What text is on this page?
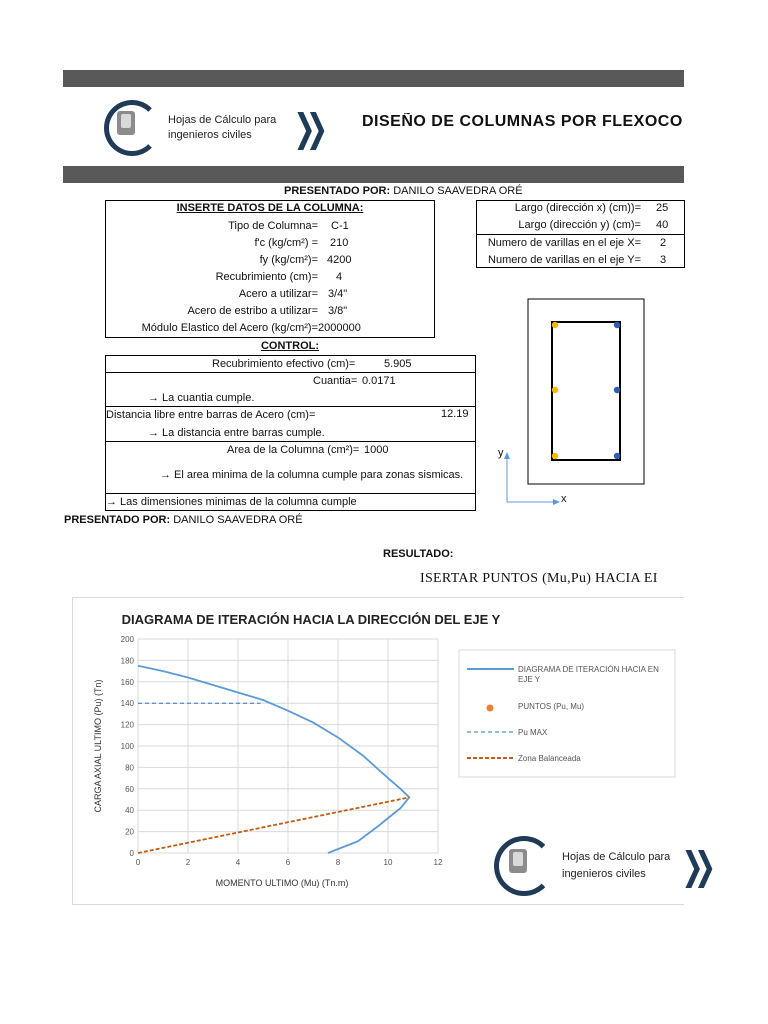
Hojas de Cálculo para
ingenieros civiles	❯❯	DISEÑO DE COLUMNAS POR FLEXOCO
PRESENTADO POR: DANILO SAAVEDRA ORÉ
INSERTE DATOS DE LA COLUMNA:
Tipo de Columna= C-1
f'c (kg/cm²) = 210
fy (kg/cm²)= 4200
Recubrimiento (cm)= 4
Acero a utilizar= 3/4"
Acero de estribo a utilizar= 3/8"
Módulo Elastico del Acero (kg/cm²)= 2000000
Largo (dirección x) (cm))= 25
Largo (dirección y) (cm)= 40
Numero de varillas en el eje X= 2
Numero de varillas en el eje Y= 3
y
x
CONTROL:
Recubrimiento efectivo (cm)=	5.905
Cuantia= 0.0171
→ La cuantia cumple.
Distancia libre entre barras de Acero (cm)=	12.19
→ La distancia entre barras cumple.
Area de la Columna (cm²)= 1000
→ El area minima de la columna cumple para zonas sismicas.
→ Las dimensiones minimas de la columna cumple
PRESENTADO POR: DANILO SAAVEDRA ORÉ
RESULTADO:
ISERTAR PUNTOS (Mu,Pu) HACIA EI
DIAGRAMA DE ITERACIÓN HACIA LA DIRECCIÓN DEL EJE Y
0
20
40
60
80
100
120
140
160
180
200
0	2	4	6	8	10	12
CARGA AXIAL ULTIMO (Pu) (Tn)
MOMENTO ULTIMO (Mu) (Tn.m)
DIAGRAMA DE ITERACIÓN HACIA EN EJE Y
PUNTOS (Pu, Mu)
Pu MAX
Zona Balanceada
Hojas de Cálculo para
ingenieros civiles ❯❯
